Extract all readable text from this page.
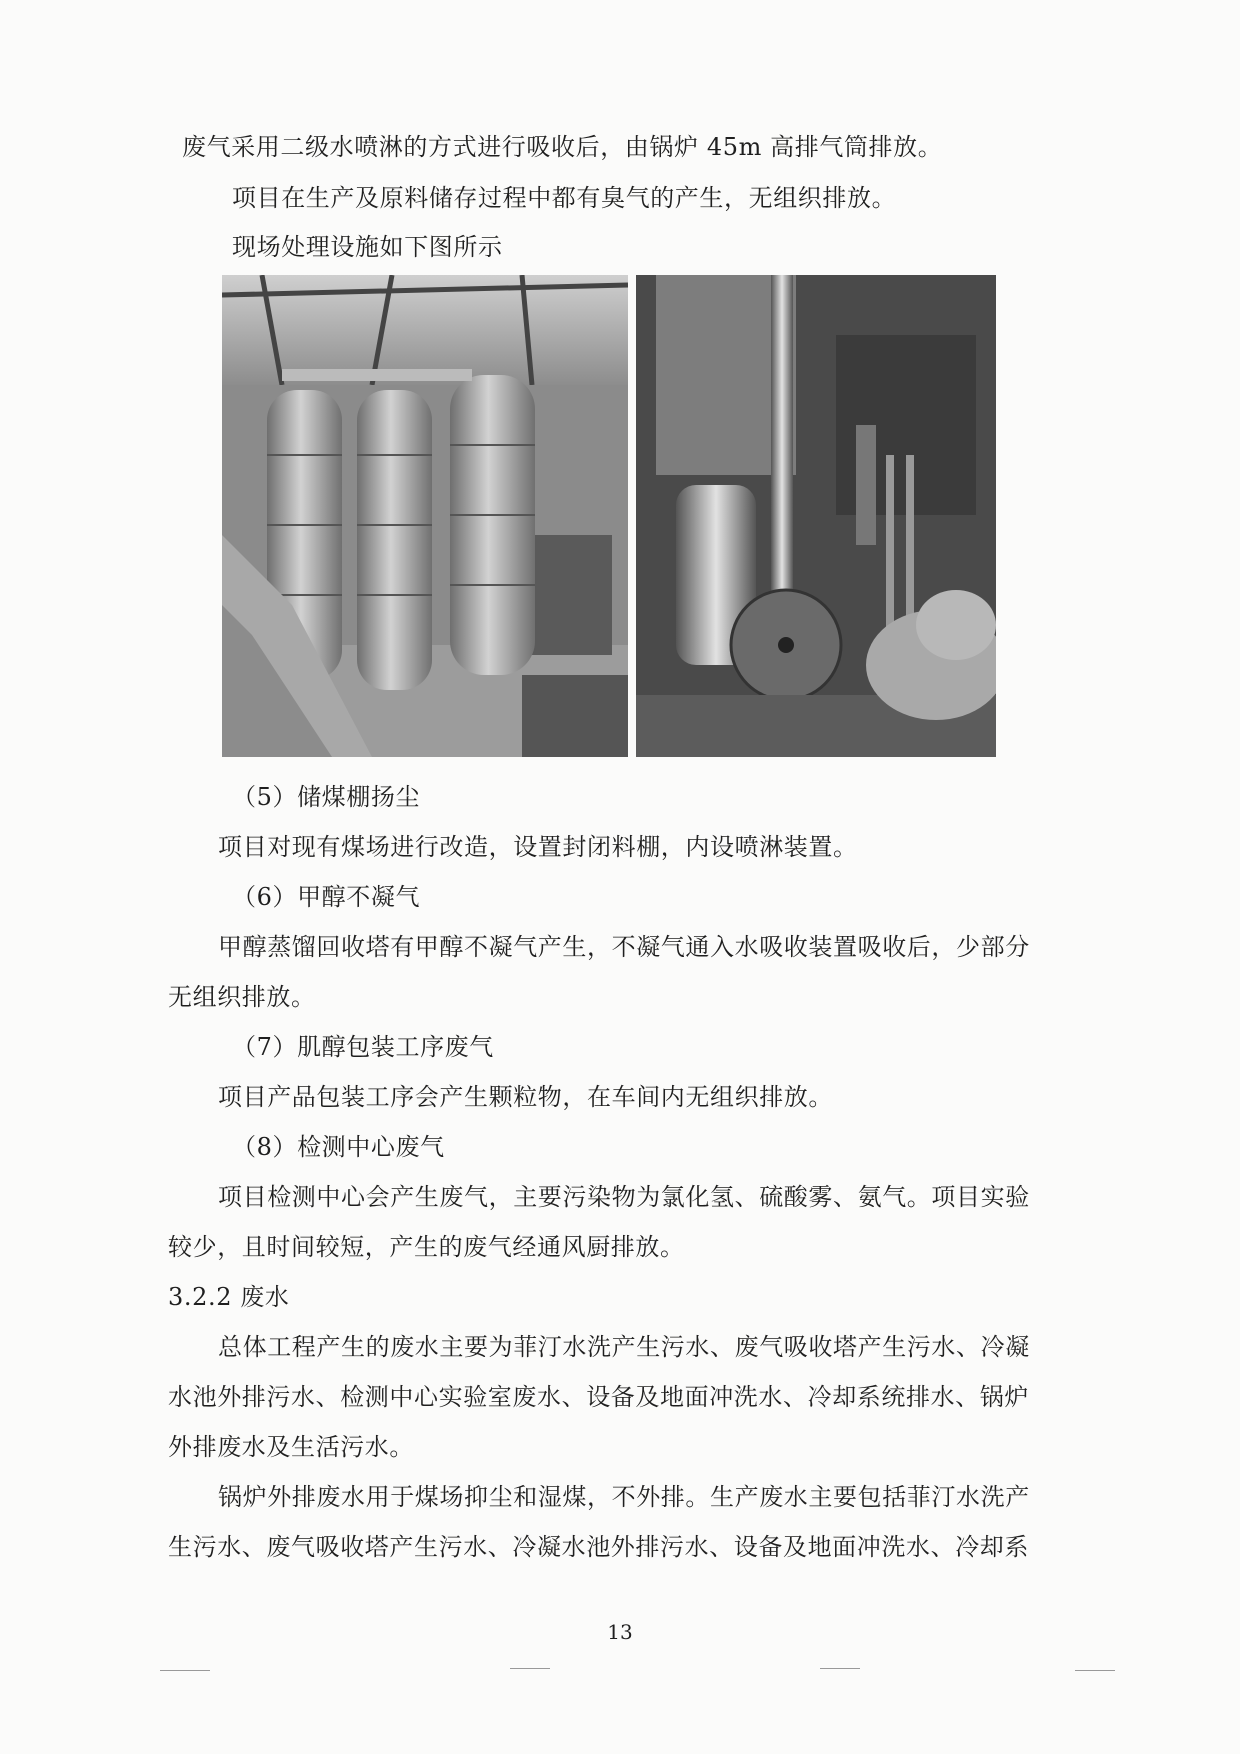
废气采用二级水喷淋的方式进行吸收后，由锅炉 45m 高排气筒排放。
项目在生产及原料储存过程中都有臭气的产生，无组织排放。
现场处理设施如下图所示
（5）储煤棚扬尘
项目对现有煤场进行改造，设置封闭料棚，内设喷淋装置。
（6）甲醇不凝气
甲醇蒸馏回收塔有甲醇不凝气产生，不凝气通入水吸收装置吸收后，少部分
无组织排放。
（7）肌醇包装工序废气
项目产品包装工序会产生颗粒物，在车间内无组织排放。
（8）检测中心废气
项目检测中心会产生废气，主要污染物为氯化氢、硫酸雾、氨气。项目实验
较少，且时间较短，产生的废气经通风厨排放。
3.2.2 废水
总体工程产生的废水主要为菲汀水洗产生污水、废气吸收塔产生污水、冷凝
水池外排污水、检测中心实验室废水、设备及地面冲洗水、冷却系统排水、锅炉
外排废水及生活污水。
锅炉外排废水用于煤场抑尘和湿煤，不外排。生产废水主要包括菲汀水洗产
生污水、废气吸收塔产生污水、冷凝水池外排污水、设备及地面冲洗水、冷却系
13
